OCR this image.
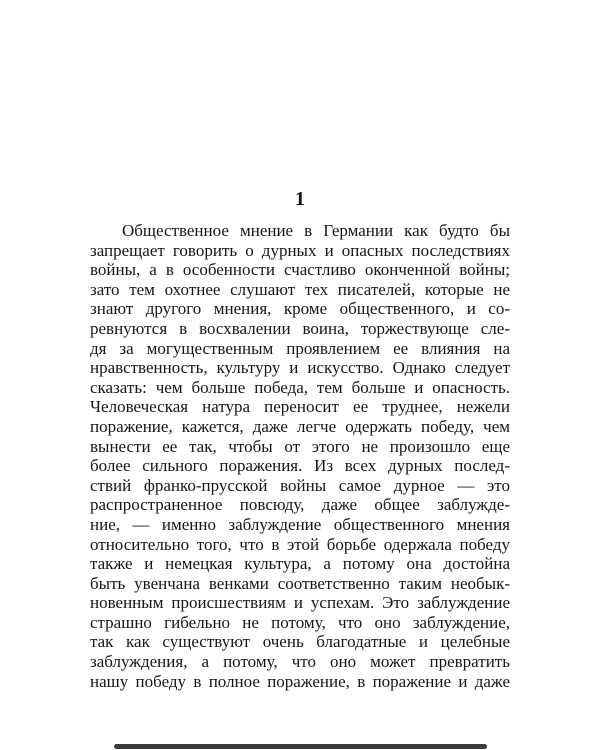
1
Общественное мнение в Германии как будто бы
запрещает говорить о дурных и опасных последствиях
войны, а в особенности счастливо оконченной войны;
зато тем охотнее слушают тех писателей, которые не
знают другого мнения, кроме общественного, и со-
ревнуются в восхвалении воина, торжествующе сле-
дя за могущественным проявлением ее влияния на
нравственность, культуру и искусство. Однако следует
сказать: чем больше победа, тем больше и опасность.
Человеческая натура переносит ее труднее, нежели
поражение, кажется, даже легче одержать победу, чем
вынести ее так, чтобы от этого не произошло еще
более сильного поражения. Из всех дурных послед-
ствий франко-прусской войны самое дурное — это
распространенное повсюду, даже общее заблужде-
ние, — именно заблуждение общественного мнения
относительно того, что в этой борьбе одержала победу
также и немецкая культура, а потому она достойна
быть увенчана венками соответственно таким необык-
новенным происшествиям и успехам. Это заблуждение
страшно гибельно не потому, что оно заблуждение,
так как существуют очень благодатные и целебные
заблуждения, а потому, что оно может превратить
нашу победу в полное поражение, в поражение и даже
